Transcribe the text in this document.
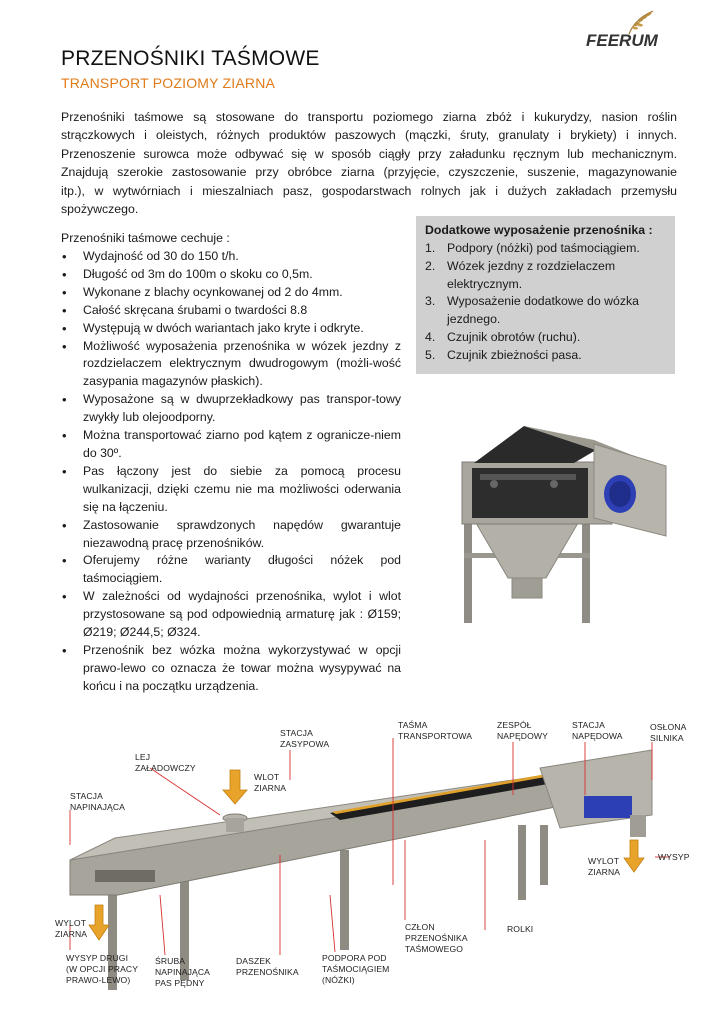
PRZENOŚNIKI TAŚMOWE
TRANSPORT POZIOMY ZIARNA
FEERUM
Przenośniki taśmowe są stosowane do transportu poziomego ziarna zbóż i kukurydzy, nasion roślin
strączkowych i oleistych, różnych produktów paszowych (mączki, śruty, granulaty i brykiety) i innych.
Przenoszenie surowca może odbywać się w sposób ciągły przy załadunku ręcznym lub mechanicznym.
Znajdują szerokie zastosowanie przy obróbce ziarna (przyjęcie, czyszczenie, suszenie, magazynowanie
itp.), w wytwórniach i mieszalniach pasz, gospodarstwach rolnych jak i dużych zakładach przemysłu
spożywczego.
Przenośniki taśmowe cechuje :
• Wydajność od 30 do 150 t/h.
• Długość od 3m do 100m o skoku co 0,5m.
• Wykonane z blachy ocynkowanej od 2 do 4mm.
• Całość skręcana śrubami o twardości 8.8
• Występują w dwóch wariantach jako kryte i odkryte.
• Możliwość wyposażenia przenośnika w wózek jezdny z rozdzielaczem elektrycznym dwudrogowym (możli-wość zasypania magazynów płaskich).
• Wyposażone są w dwuprzekładkowy pas transpor-towy zwykły lub olejoodporny.
• Można transportować ziarno pod kątem z ogranicze-niem do 30º.
• Pas łączony jest do siebie za pomocą procesu wulkanizacji, dzięki czemu nie ma możliwości oderwania się na łączeniu.
• Zastosowanie sprawdzonych napędów gwarantuje niezawodną pracę przenośników.
• Oferujemy różne warianty długości nóżek pod taśmociągiem.
• W zależności od wydajności przenośnika, wylot i wlot przystosowane są pod odpowiednią armaturę jak : Ø159; Ø219; Ø244,5; Ø324.
• Przenośnik bez wózka można wykorzystywać w opcji prawo-lewo co oznacza że towar można wysypywać na końcu i na początku urządzenia.
Dodatkowe wyposażenie przenośnika :
1. Podpory (nóżki) pod taśmociągiem.
2. Wózek jezdny z rozdzielaczem elektrycznym.
3. Wyposażenie dodatkowe do wózka jezdnego.
4. Czujnik obrotów (ruchu).
5. Czujnik zbieżności pasa.
STACJA
ZASYPOWA
TAŚMA
TRANSPORTOWA
ZESPÓŁ
NAPĘDOWY
STACJA
NAPĘDOWA
OSŁONA
SILNIKA
LEJ
ZAŁADOWCZY
WLOT
ZIARNA
STACJA
NAPINAJĄCA
WYLOT
ZIARNA
WYSYP
WYLOT
ZIARNA
CZŁON
PRZENOŚNIKA
TAŚMOWEGO
ROLKI
WYSYP DRUGI
(W OPCJI PRACY
PRAWO-LEWO)
ŚRUBA
NAPINAJĄCA
PAS PĘDNY
DASZEK
PRZENOŚNIKA
PODPORA POD
TAŚMOCIĄGIEM
(NÓŻKI)
